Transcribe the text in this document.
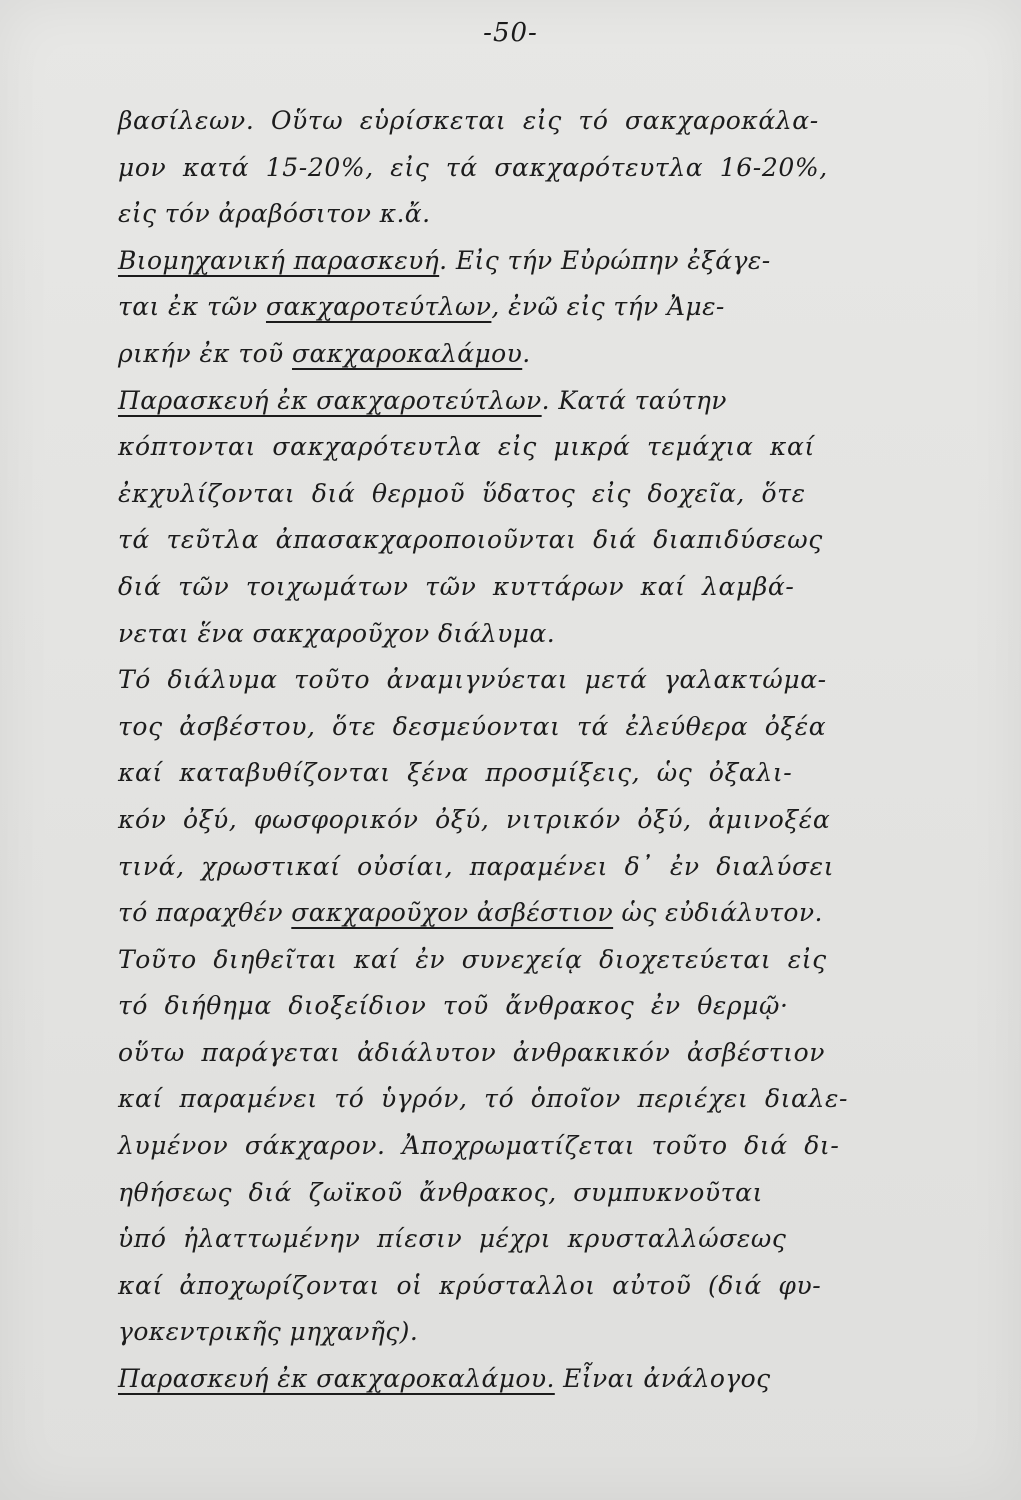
-50-
βασίλεων. Οὕτω εὑρίσκεται εἰς τό σακχαροκάλα-
μον κατά 15-20%, εἰς τά σακχαρότευτλα 16-20%,
εἰς τόν ἀραβόσιτον κ.ἄ.
Βιομηχανική παρασκευή . Εἰς τήν Εὐρώπην ἐξάγε-
ται ἐκ τῶν σακχαροτεύτλων , ἐνῶ εἰς τήν Ἀμε-
ρικήν ἐκ τοῦ σακχαροκαλάμου .
Παρασκευή ἐκ σακχαροτεύτλων . Κατά ταύτην
κόπτονται σακχαρότευτλα εἰς μικρά τεμάχια καί
ἐκχυλίζονται διά θερμοῦ ὕδατος εἰς δοχεῖα, ὅτε
τά τεῦτλα ἀπασακχαροποιοῦνται διά διαπιδύσεως
διά τῶν τοιχωμάτων τῶν κυττάρων καί λαμβά-
νεται ἕνα σακχαροῦχον διάλυμα.
Τό διάλυμα τοῦτο ἀναμιγνύεται μετά γαλακτώμα-
τος ἀσβέστου, ὅτε δεσμεύονται τά ἐλεύθερα ὀξέα
καί καταβυθίζονται ξένα προσμίξεις, ὡς ὀξαλι-
κόν ὀξύ, φωσφορικόν ὀξύ, νιτρικόν ὀξύ, ἀμινοξέα
τινά, χρωστικαί οὐσίαι, παραμένει δ᾽ ἐν διαλύσει
τό παραχθέν σακχαροῦχον ἀσβέστιον ὡς εὐδιάλυτον.
Τοῦτο διηθεῖται καί ἐν συνεχείᾳ διοχετεύεται εἰς
τό διήθημα διοξείδιον τοῦ ἄνθρακος ἐν θερμῷ·
οὕτω παράγεται ἀδιάλυτον ἀνθρακικόν ἀσβέστιον
καί παραμένει τό ὑγρόν, τό ὁποῖον περιέχει διαλε-
λυμένον σάκχαρον. Ἀποχρωματίζεται τοῦτο διά δι-
ηθήσεως διά ζωϊκοῦ ἄνθρακος, συμπυκνοῦται
ὑπό ἠλαττωμένην πίεσιν μέχρι κρυσταλλώσεως
καί ἀποχωρίζονται οἱ κρύσταλλοι αὐτοῦ (διά φυ-
γοκεντρικῆς μηχανῆς).
Παρασκευή ἐκ σακχαροκαλάμου. Εἶναι ἀνάλογος
